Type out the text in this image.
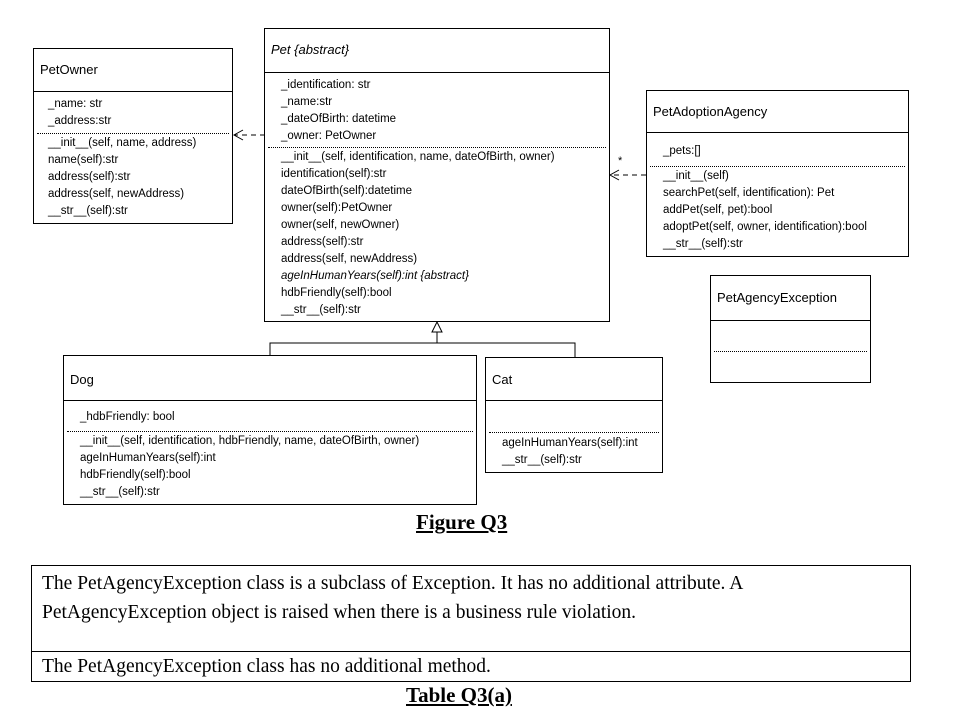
PetOwner
_name: str
_address:str
__init__(self, name, address)
name(self):str
address(self):str
address(self, newAddress)
__str__(self):str
Pet {abstract}
_identification: str
_name:str
_dateOfBirth: datetime
_owner: PetOwner
__init__(self, identification, name, dateOfBirth, owner)
identification(self):str
dateOfBirth(self):datetime
owner(self):PetOwner
owner(self, newOwner)
address(self):str
address(self, newAddress)
ageInHumanYears(self):int {abstract}
hdbFriendly(self):bool
__str__(self):str
PetAdoptionAgency
_pets:[]
__init__(self)
searchPet(self, identification): Pet
addPet(self, pet):bool
adoptPet(self, owner, identification):bool
__str__(self):str
*
PetAgencyException
Dog
_hdbFriendly: bool
__init__(self, identification, hdbFriendly, name, dateOfBirth, owner)
ageInHumanYears(self):int
hdbFriendly(self):bool
__str__(self):str
Cat
ageInHumanYears(self):int
__str__(self):str
Figure Q3
The PetAgencyException class is a subclass of Exception. It has no additional attribute. A PetAgencyException object is raised when there is a business rule violation.
The PetAgencyException class has no additional method.
Table Q3(a)
